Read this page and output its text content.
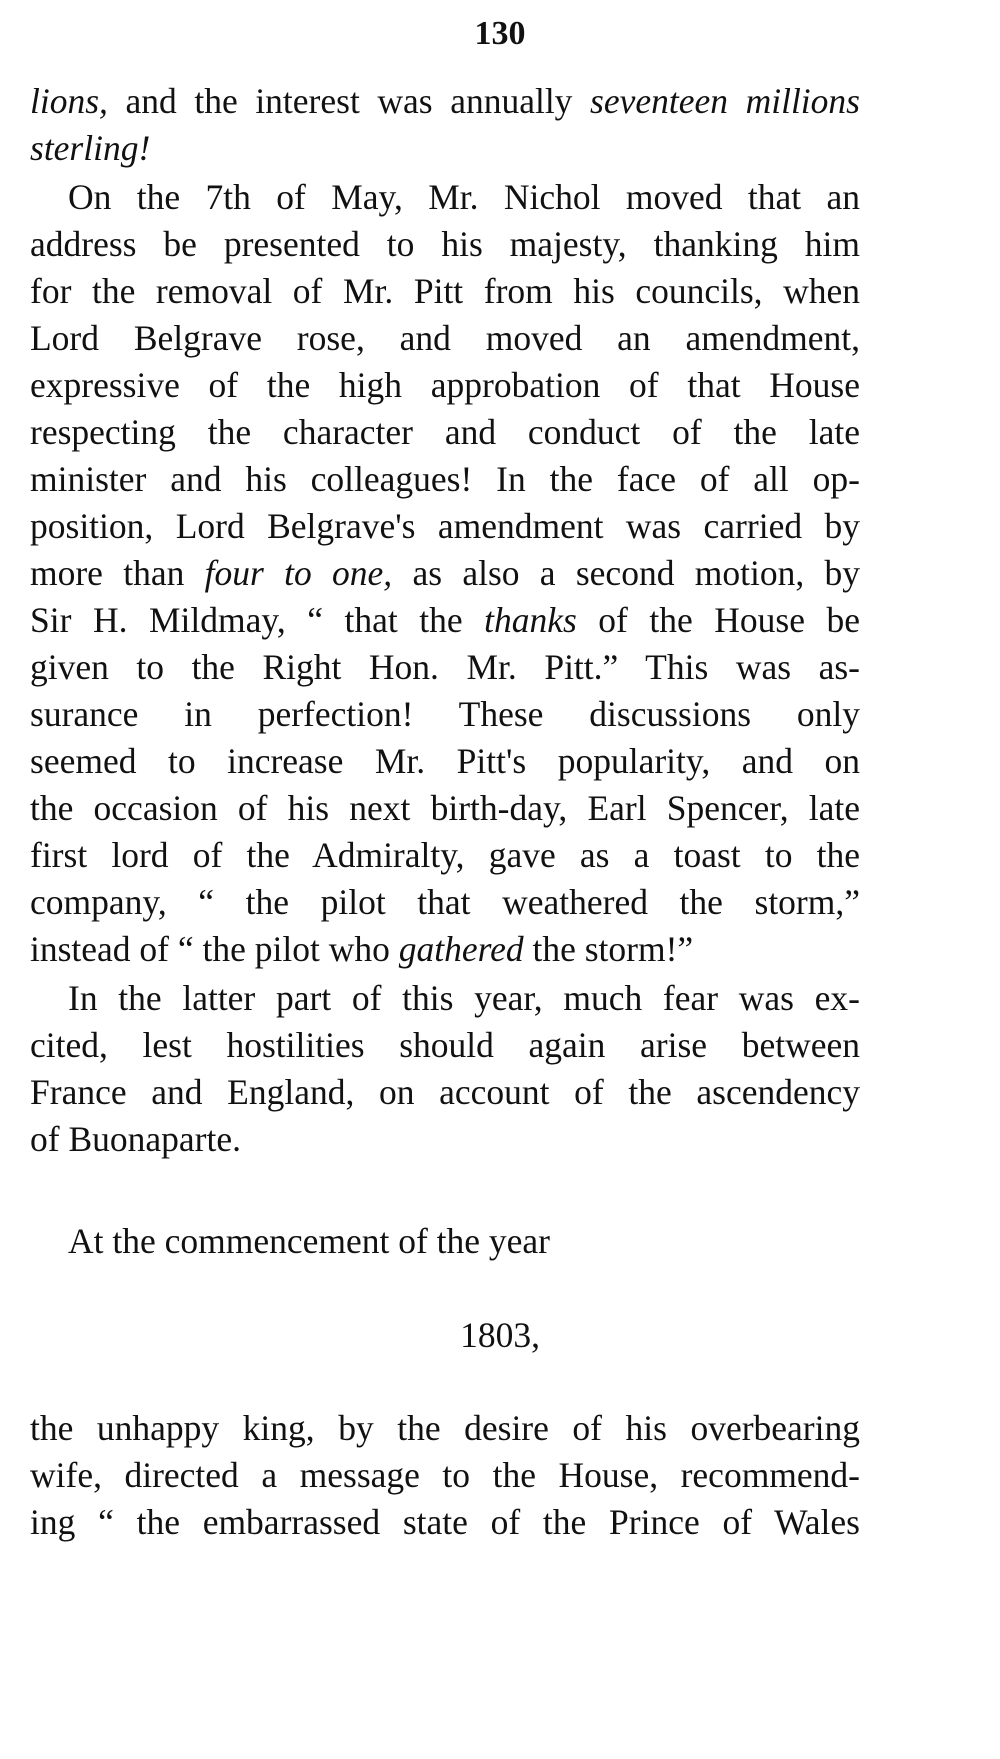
130
lions, and the interest was annually seventeen millions
sterling!
On the 7th of May, Mr. Nichol moved that an
address be presented to his majesty, thanking him
for the removal of Mr. Pitt from his councils, when
Lord Belgrave rose, and moved an amendment,
expressive of the high approbation of that House
respecting the character and conduct of the late
minister and his colleagues! In the face of all op-
position, Lord Belgrave's amendment was carried by
more than four to one, as also a second motion, by
Sir H. Mildmay, “ that the thanks of the House be
given to the Right Hon. Mr. Pitt.” This was as-
surance in perfection! These discussions only
seemed to increase Mr. Pitt's popularity, and on
the occasion of his next birth-day, Earl Spencer, late
first lord of the Admiralty, gave as a toast to the
company, “ the pilot that weathered the storm,”
instead of “ the pilot who gathered the storm!”
In the latter part of this year, much fear was ex-
cited, lest hostilities should again arise between
France and England, on account of the ascendency
of Buonaparte.
At the commencement of the year
1803,
the unhappy king, by the desire of his overbearing
wife, directed a message to the House, recommend-
ing “ the embarrassed state of the Prince of Wales
